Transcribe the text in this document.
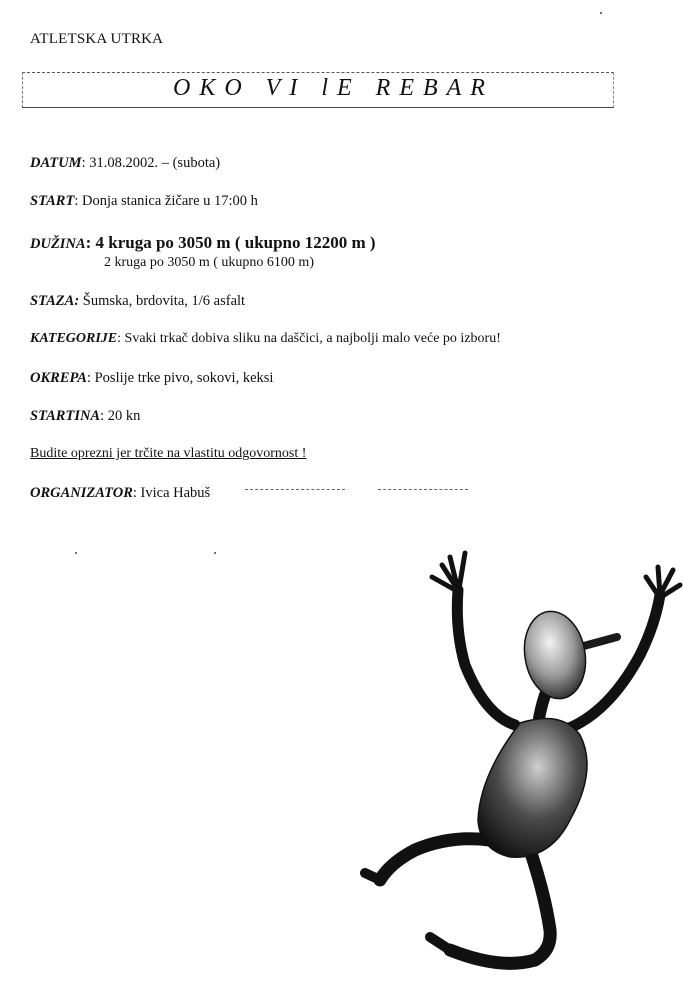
ATLETSKA UTRKA
OKO VI lE REBAR
DATUM: 31.08.2002. – (subota)
START: Donja stanica žičare u 17:00 h
DUŽINA: 4 kruga po 3050 m ( ukupno 12200 m )
2 kruga po 3050 m ( ukupno 6100 m)
STAZA: Šumska, brdovita, 1/6 asfalt
KATEGORIJE: Svaki trkač dobiva sliku na daščici, a najbolji malo veće po izboru!
OKREPA: Poslije trke pivo, sokovi, keksi
STARTINA: 20 kn
Budite oprezni jer trčite na vlastitu odgovornost !
ORGANIZATOR: Ivica Habuš
